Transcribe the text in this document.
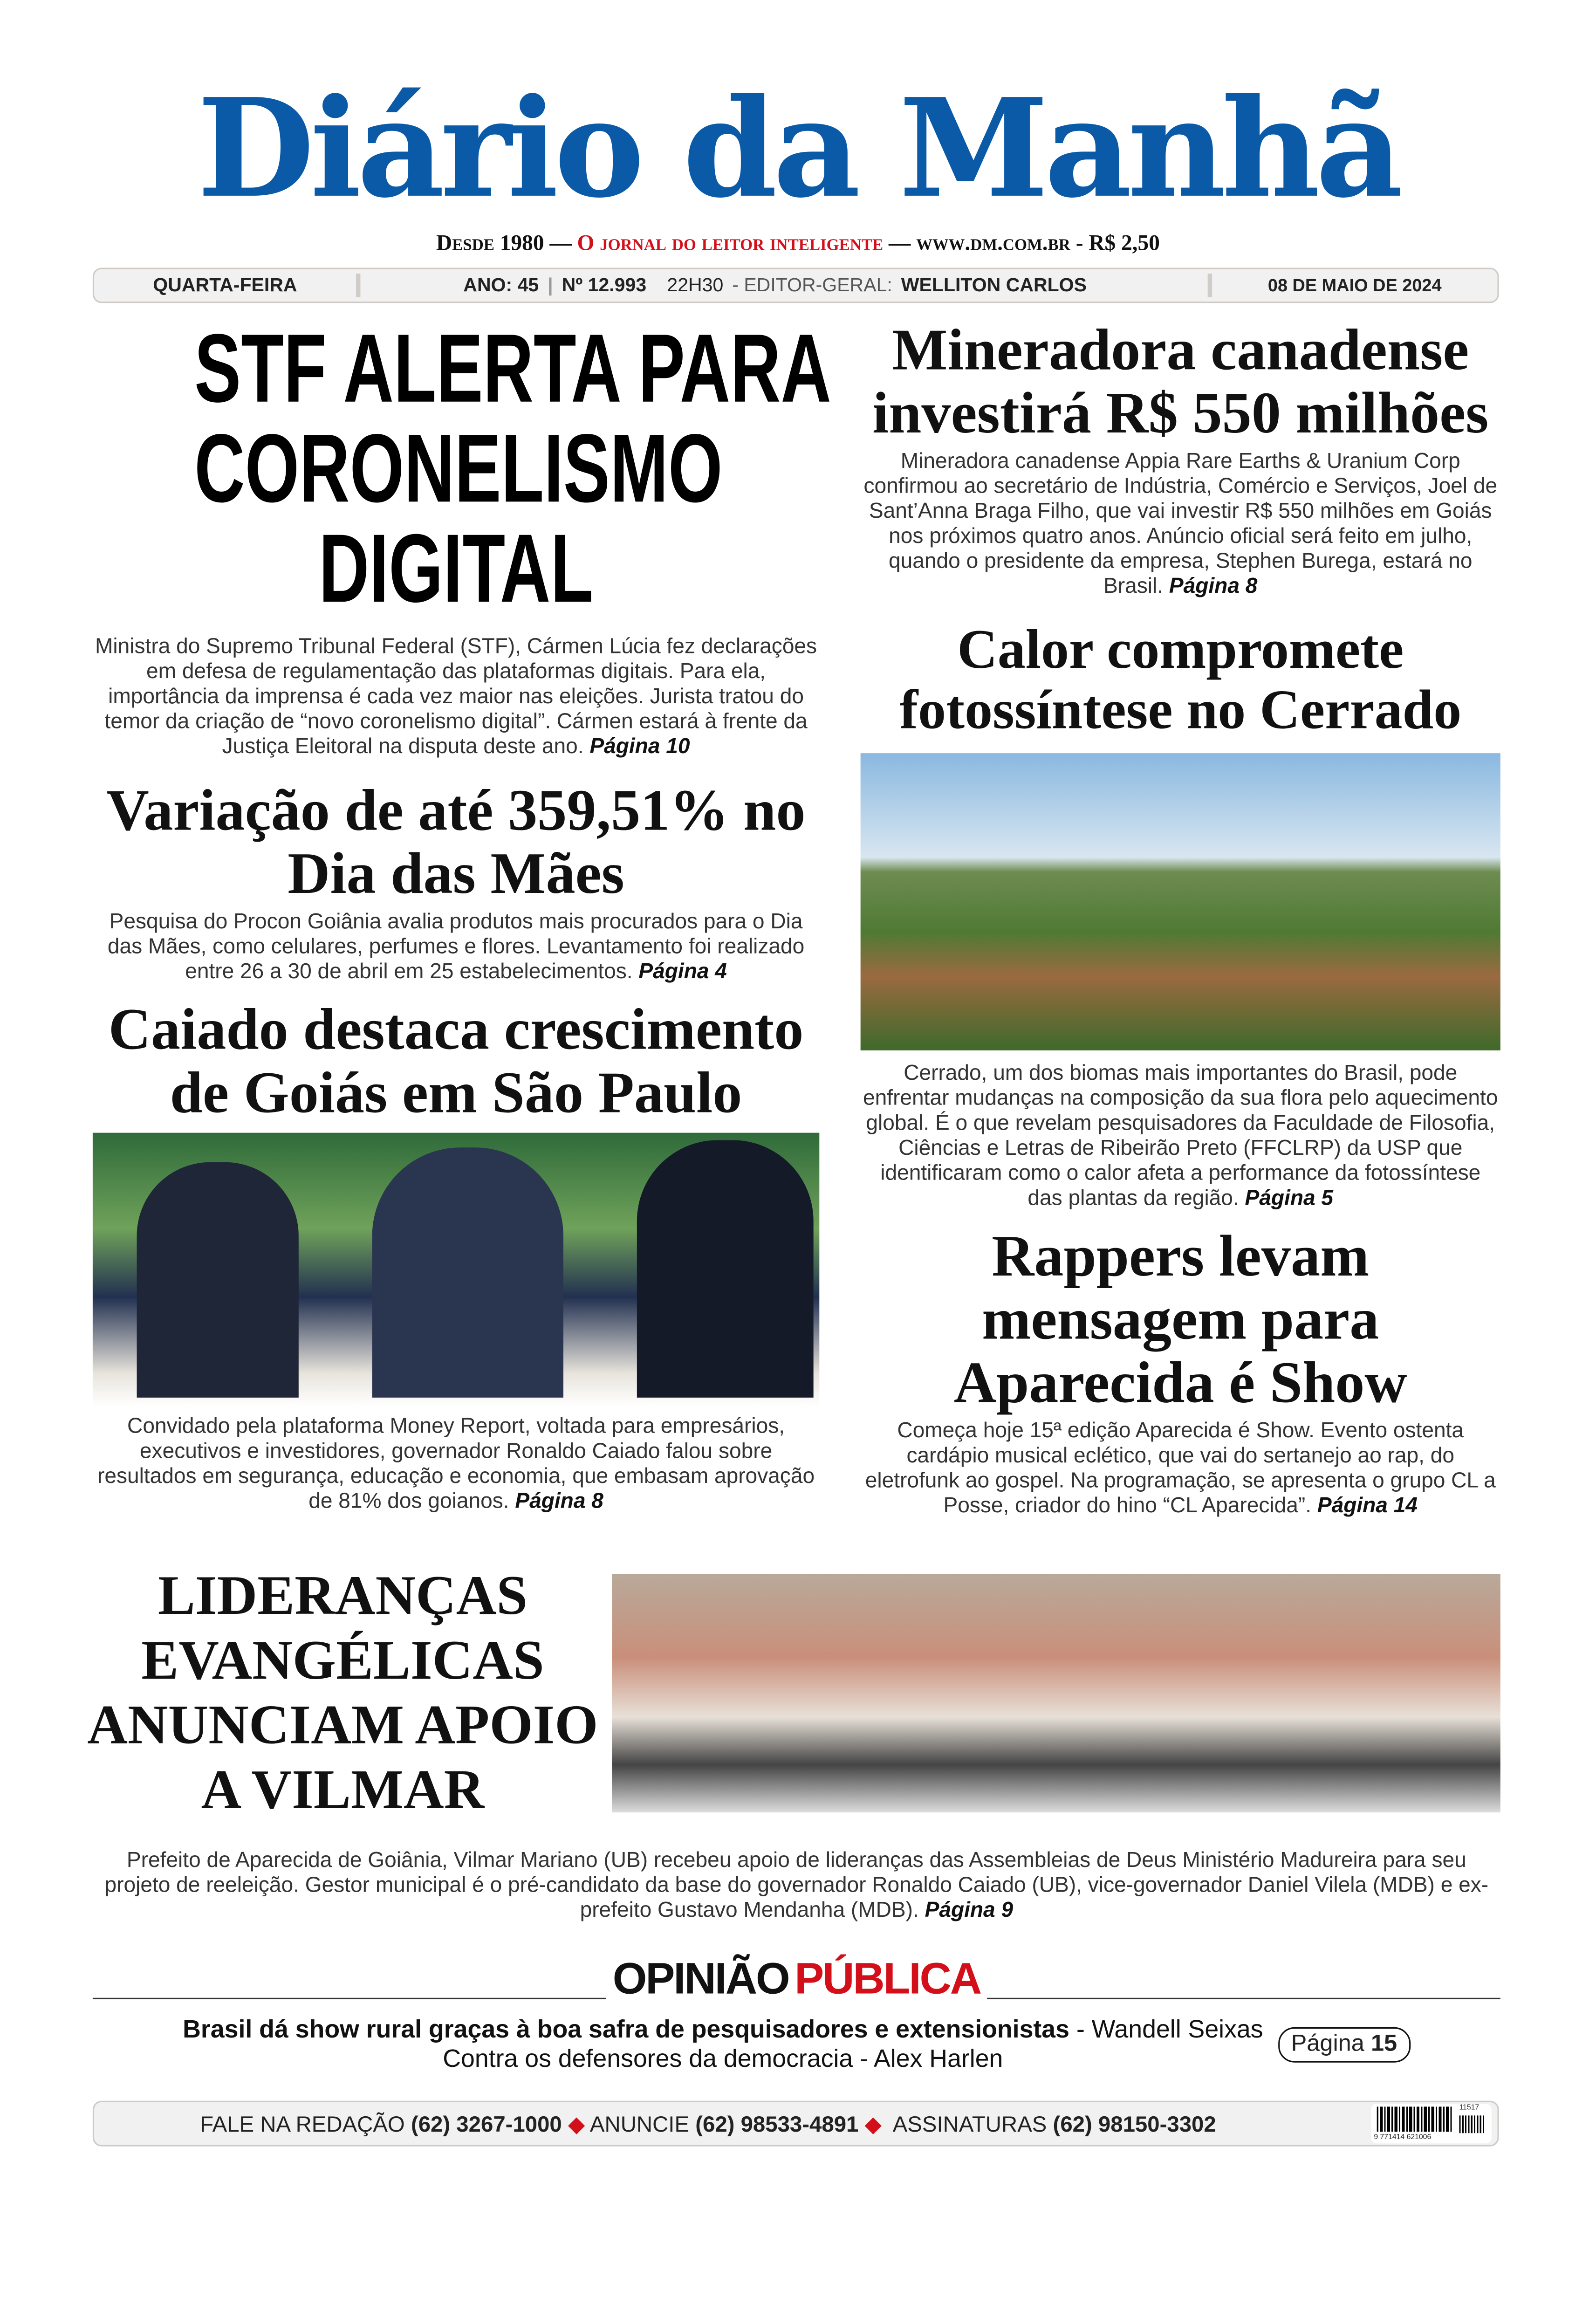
Diário da Manhã
Desde 1980 — O jornal do leitor inteligente — www.dm.com.br - R$ 2,50
QUARTA-FEIRA	ANO: 45 | Nº 12.993	22H30 - EDITOR-GERAL: WELLITON CARLOS	08 DE MAIO DE 2024
STF ALERTA PARA
CORONELISMO
DIGITAL
Ministra do Supremo Tribunal Federal (STF), Cármen Lúcia fez declarações em defesa de regulamentação das plataformas digitais. Para ela, importância da imprensa é cada vez maior nas eleições. Jurista tratou do temor da criação de “novo coronelismo digital”. Cármen estará à frente da Justiça Eleitoral na disputa deste ano. Página 10
Variação de até 359,51% no Dia das Mães
Pesquisa do Procon Goiânia avalia produtos mais procurados para o Dia das Mães, como celulares, perfumes e flores. Levantamento foi realizado entre 26 a 30 de abril em 25 estabelecimentos. Página 4
Caiado destaca crescimento de Goiás em São Paulo
Convidado pela plataforma Money Report, voltada para empresários, executivos e investidores, governador Ronaldo Caiado falou sobre resultados em segurança, educação e economia, que embasam aprovação de 81% dos goianos. Página 8
Mineradora canadense investirá R$ 550 milhões
Mineradora canadense Appia Rare Earths & Uranium Corp confirmou ao secretário de Indústria, Comércio e Serviços, Joel de Sant’Anna Braga Filho, que vai investir R$ 550 milhões em Goiás nos próximos quatro anos. Anúncio oficial será feito em julho, quando o presidente da empresa, Stephen Burega, estará no Brasil. Página 8
Calor compromete fotossíntese no Cerrado
Cerrado, um dos biomas mais importantes do Brasil, pode enfrentar mudanças na composição da sua flora pelo aquecimento global. É o que revelam pesquisadores da Faculdade de Filosofia, Ciências e Letras de Ribeirão Preto (FFCLRP) da USP que identificaram como o calor afeta a performance da fotossíntese das plantas da região. Página 5
Rappers levam mensagem para Aparecida é Show
Começa hoje 15ª edição Aparecida é Show. Evento ostenta cardápio musical eclético, que vai do sertanejo ao rap, do eletrofunk ao gospel. Na programação, se apresenta o grupo CL a Posse, criador do hino “CL Aparecida”. Página 14
LIDERANÇAS EVANGÉLICAS ANUNCIAM APOIO A VILMAR
Prefeito de Aparecida de Goiânia, Vilmar Mariano (UB) recebeu apoio de lideranças das Assembleias de Deus Ministério Madureira para seu projeto de reeleição. Gestor municipal é o pré-candidato da base do governador Ronaldo Caiado (UB), vice-governador Daniel Vilela (MDB) e ex-prefeito Gustavo Mendanha (MDB). Página 9
OPINIÃO PÚBLICA
Brasil dá show rural graças à boa safra de pesquisadores e extensionistas - Wandell Seixas
Contra os defensores da democracia - Alex Harlen
Página 15
FALE NA REDAÇÃO (62) 3267-1000 ◆ ANUNCIE (62) 98533-4891 ◆ ASSINATURAS (62) 98150-3302
11517
9 771414 621006
